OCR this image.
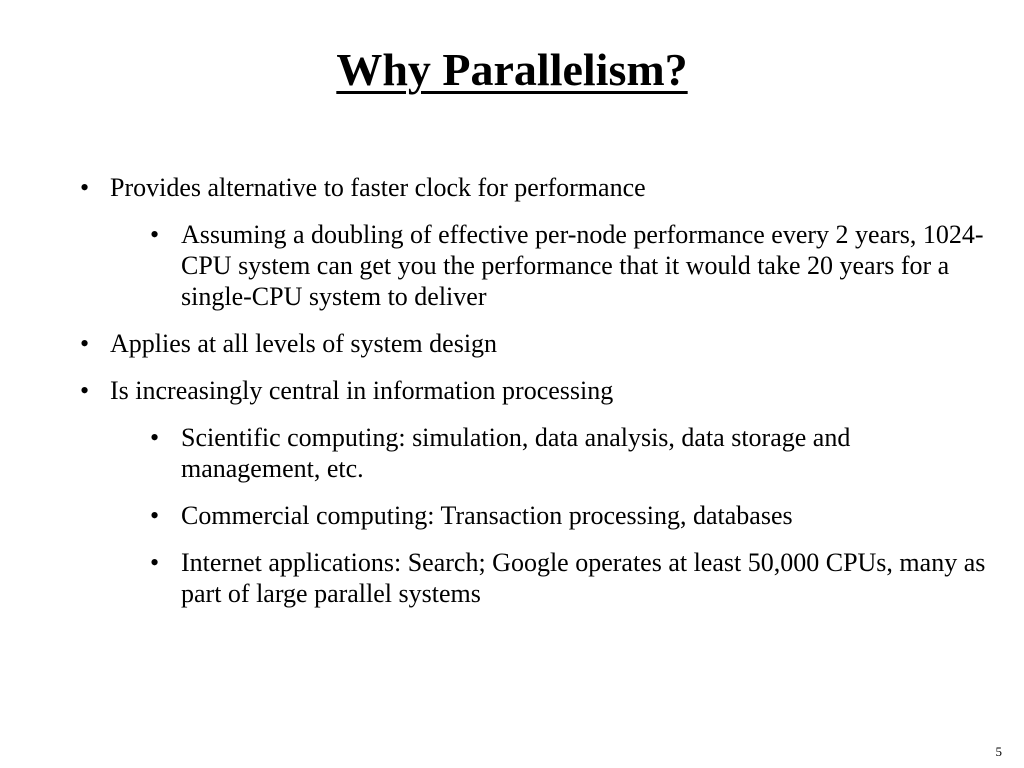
Why Parallelism?
• Provides alternative to faster clock for performance
• Assuming a doubling of effective per-node performance every 2 years, 1024-CPU system can get you the performance that it would take 20 years for a single-CPU system to deliver
• Applies at all levels of system design
• Is increasingly central in information processing
• Scientific computing: simulation, data analysis, data storage and management, etc.
• Commercial computing: Transaction processing, databases
• Internet applications: Search; Google operates at least 50,000 CPUs, many as part of large parallel systems
5
